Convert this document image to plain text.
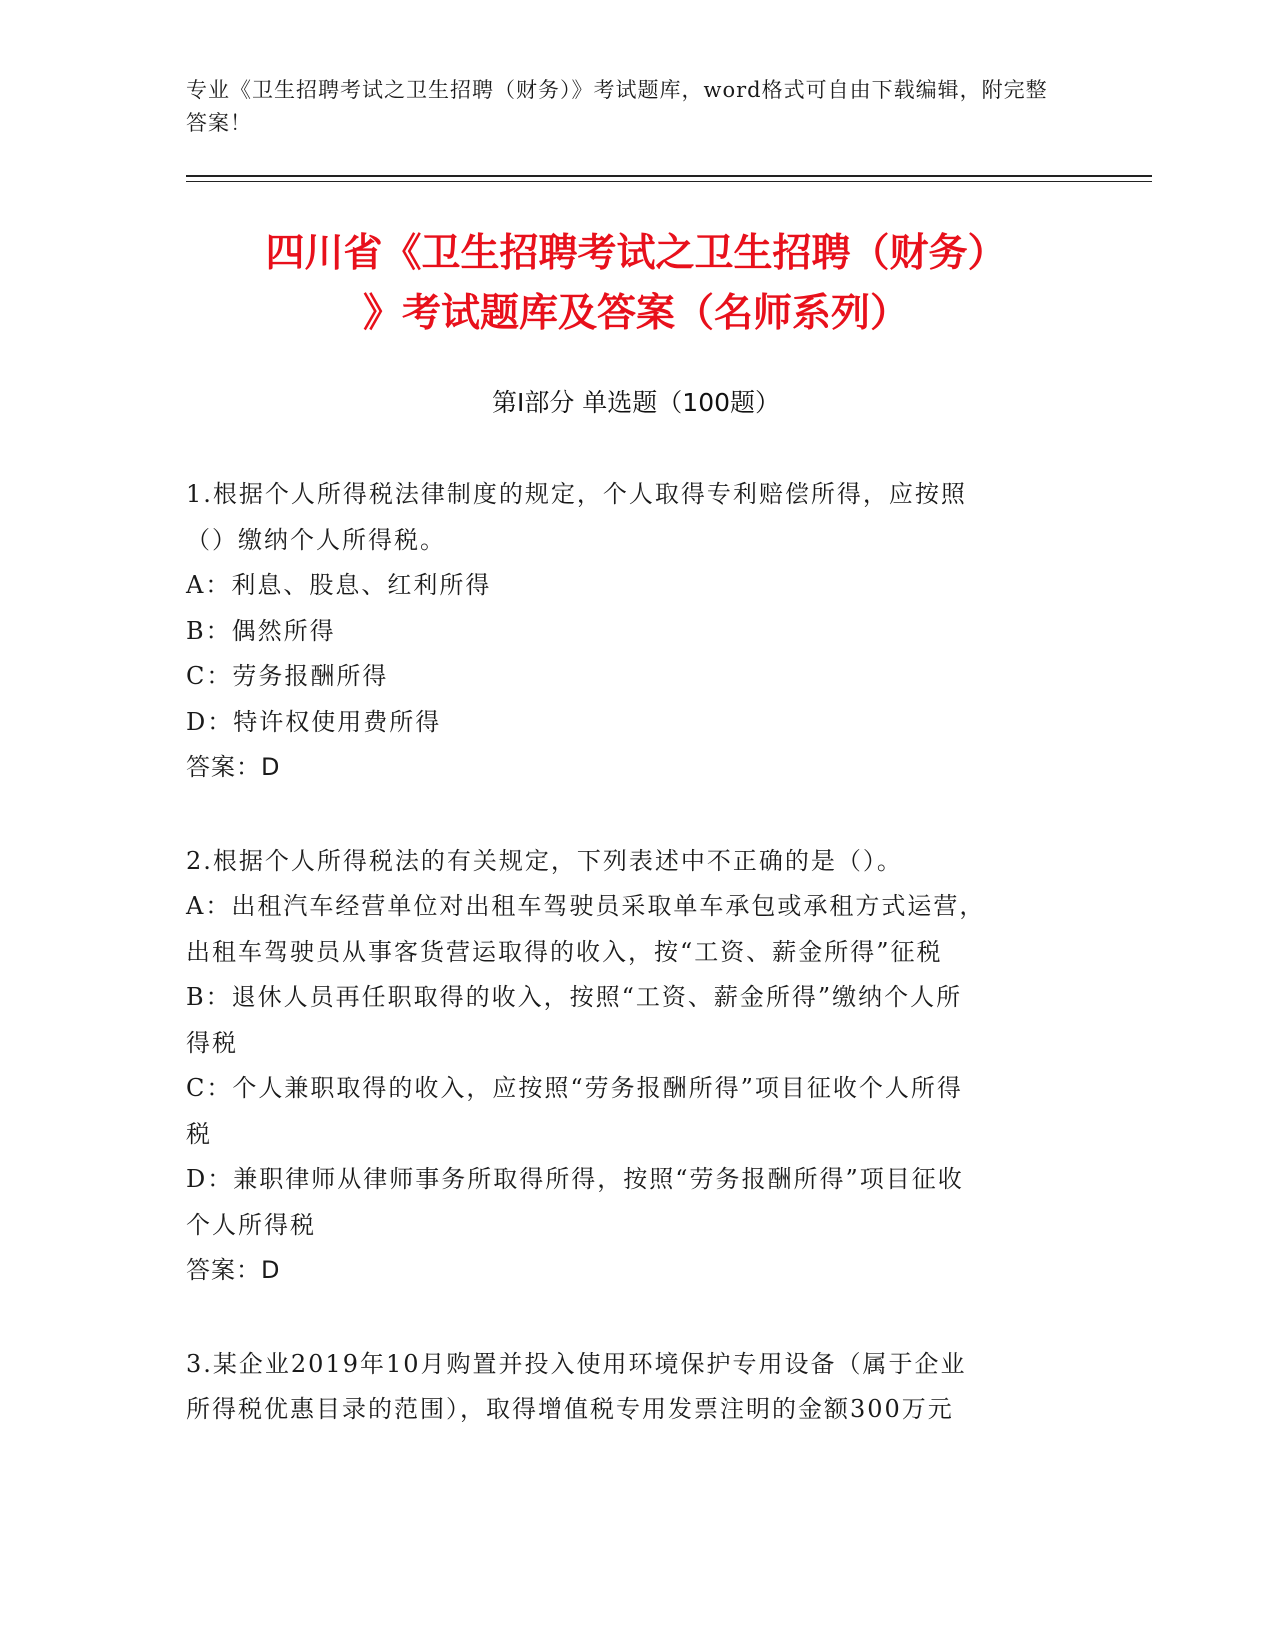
专业《卫生招聘考试之卫生招聘（财务）》考试题库，word格式可自由下载编辑，附完整答案！
四川省《卫生招聘考试之卫生招聘（财务）
》考试题库及答案（名师系列）
第Ⅰ部分 单选题（100题）
1.根据个人所得税法律制度的规定，个人取得专利赔偿所得，应按照
（）缴纳个人所得税。
A：利息、股息、红利所得
B：偶然所得
C：劳务报酬所得
D：特许权使用费所得
答案：D
2.根据个人所得税法的有关规定，下列表述中不正确的是（）。
A：出租汽车经营单位对出租车驾驶员采取单车承包或承租方式运营，
出租车驾驶员从事客货营运取得的收入，按“工资、薪金所得”征税
B：退休人员再任职取得的收入，按照“工资、薪金所得”缴纳个人所
得税
C：个人兼职取得的收入，应按照“劳务报酬所得”项目征收个人所得
税
D：兼职律师从律师事务所取得所得，按照“劳务报酬所得”项目征收
个人所得税
答案：D
3.某企业2019年10月购置并投入使用环境保护专用设备（属于企业
所得税优惠目录的范围），取得增值税专用发票注明的金额300万元
